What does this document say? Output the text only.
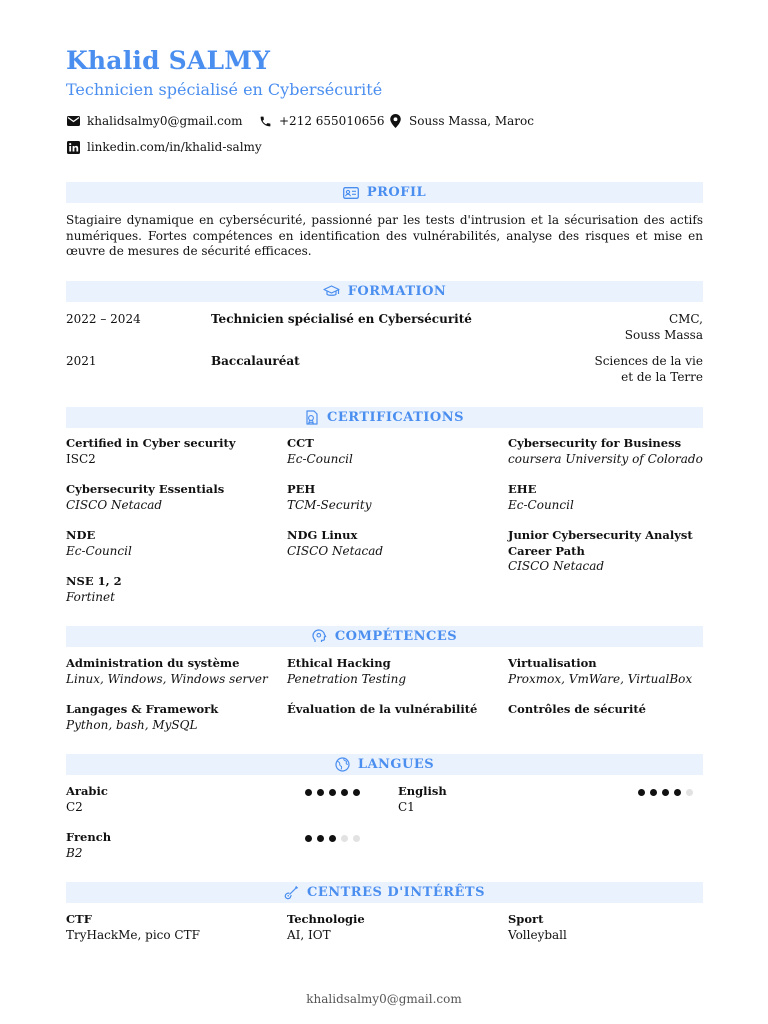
Khalid SALMY
Technicien spécialisé en Cybersécurité
khalidsalmy0@gmail.com	+212 655010656 Souss Massa, Maroc
linkedin.com/in/khalid-salmy
PROFIL
Stagiaire dynamique en cybersécurité, passionné par les tests d'intrusion et la sécurisation des actifs numériques. Fortes compétences en identification des vulnérabilités, analyse des risques et mise en œuvre de mesures de sécurité efficaces.
FORMATION
2022 – 2024	Technicien spécialisé en Cybersécurité	CMC,
Souss Massa
2021	Baccalauréat	Sciences de la vie
et de la Terre
CERTIFICATIONS
Certified in Cyber security
ISC2
CCT
Ec-Council
Cybersecurity for Business
coursera University of Colorado
Cybersecurity Essentials
CISCO Netacad
PEH
TCM-Security
EHE
Ec-Council
NDE
Ec-Council
NDG Linux
CISCO Netacad
Junior Cybersecurity Analyst
Career Path
CISCO Netacad
NSE 1, 2
Fortinet
COMPÉTENCES
Administration du système
Linux, Windows, Windows server
Ethical Hacking
Penetration Testing
Virtualisation
Proxmox, VmWare, VirtualBox
Langages & Framework
Python, bash, MySQL
Évaluation de la vulnérabilité	Contrôles de sécurité
LANGUES
Arabic
C2
English
C1
French
B2
CENTRES D'INTÉRÊTS
CTF
TryHackMe, pico CTF
Technologie
AI, IOT
Sport
Volleyball
khalidsalmy0@gmail.com
